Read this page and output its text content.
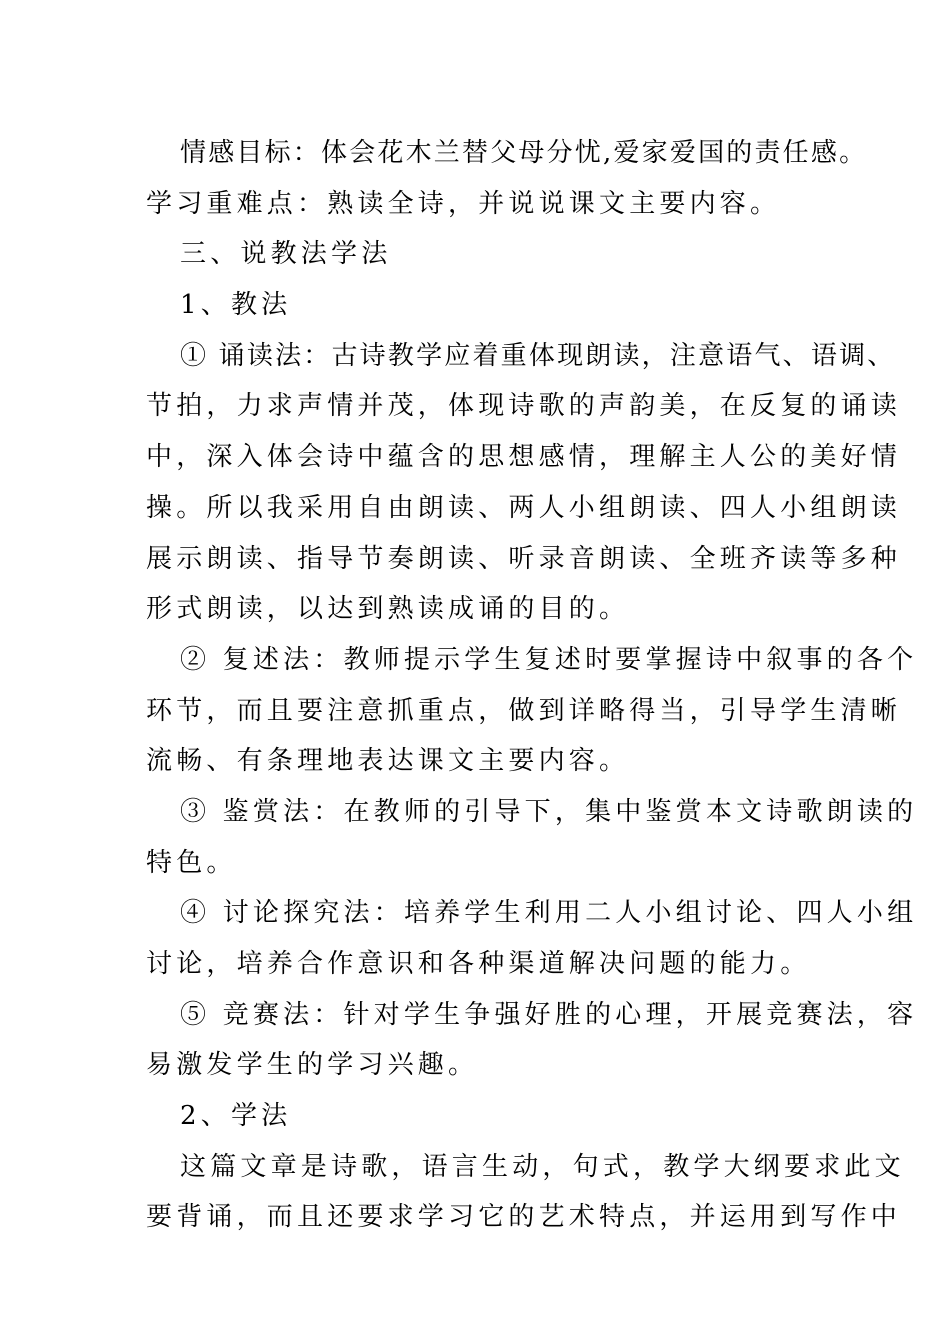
情感目标：体会花木兰替父母分忧,爱家爱国的责任感。
学习重难点：熟读全诗，并说说课文主要内容。
三、说教法学法
1、教法
① 诵读法：古诗教学应着重体现朗读，注意语气、语调、
节拍，力求声情并茂，体现诗歌的声韵美，在反复的诵读
中，深入体会诗中蕴含的思想感情，理解主人公的美好情
操。所以我采用自由朗读、两人小组朗读、四人小组朗读
展示朗读、指导节奏朗读、听录音朗读、全班齐读等多种
形式朗读，以达到熟读成诵的目的。
② 复述法：教师提示学生复述时要掌握诗中叙事的各个
环节，而且要注意抓重点，做到详略得当，引导学生清晰
流畅、有条理地表达课文主要内容。
③ 鉴赏法：在教师的引导下，集中鉴赏本文诗歌朗读的
特色。
④ 讨论探究法：培养学生利用二人小组讨论、四人小组
讨论，培养合作意识和各种渠道解决问题的能力。
⑤ 竞赛法：针对学生争强好胜的心理，开展竞赛法，容
易激发学生的学习兴趣。
2、学法
这篇文章是诗歌，语言生动，句式，教学大纲要求此文
要背诵，而且还要求学习它的艺术特点，并运用到写作中
